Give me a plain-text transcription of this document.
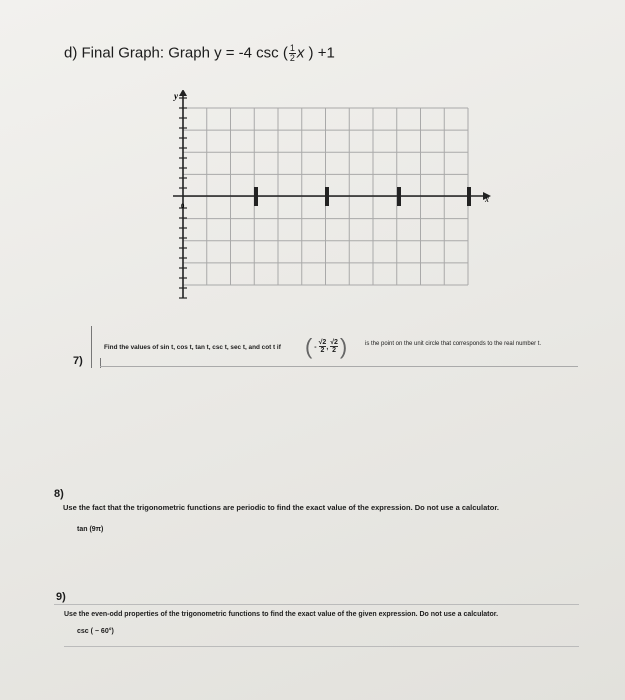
d) Final Graph: Graph y = -4 csc ( $\frac{1}{2}$ x ) +1
y
x
0
7)
Find the values of sin t, cos t, tan t, csc t, sec t, and cot t if ( - $\frac{√2}{2}$, $\frac{√2}{2}$ )	is the point on the unit circle that corresponds to the real number t.
8)
Use the fact that the trigonometric functions are periodic to find the exact value of the expression. Do not use a calculator.
tan (9π)
9)
Use the even-odd properties of the trigonometric functions to find the exact value of the given expression. Do not use a calculator.
csc ( − 60°)
